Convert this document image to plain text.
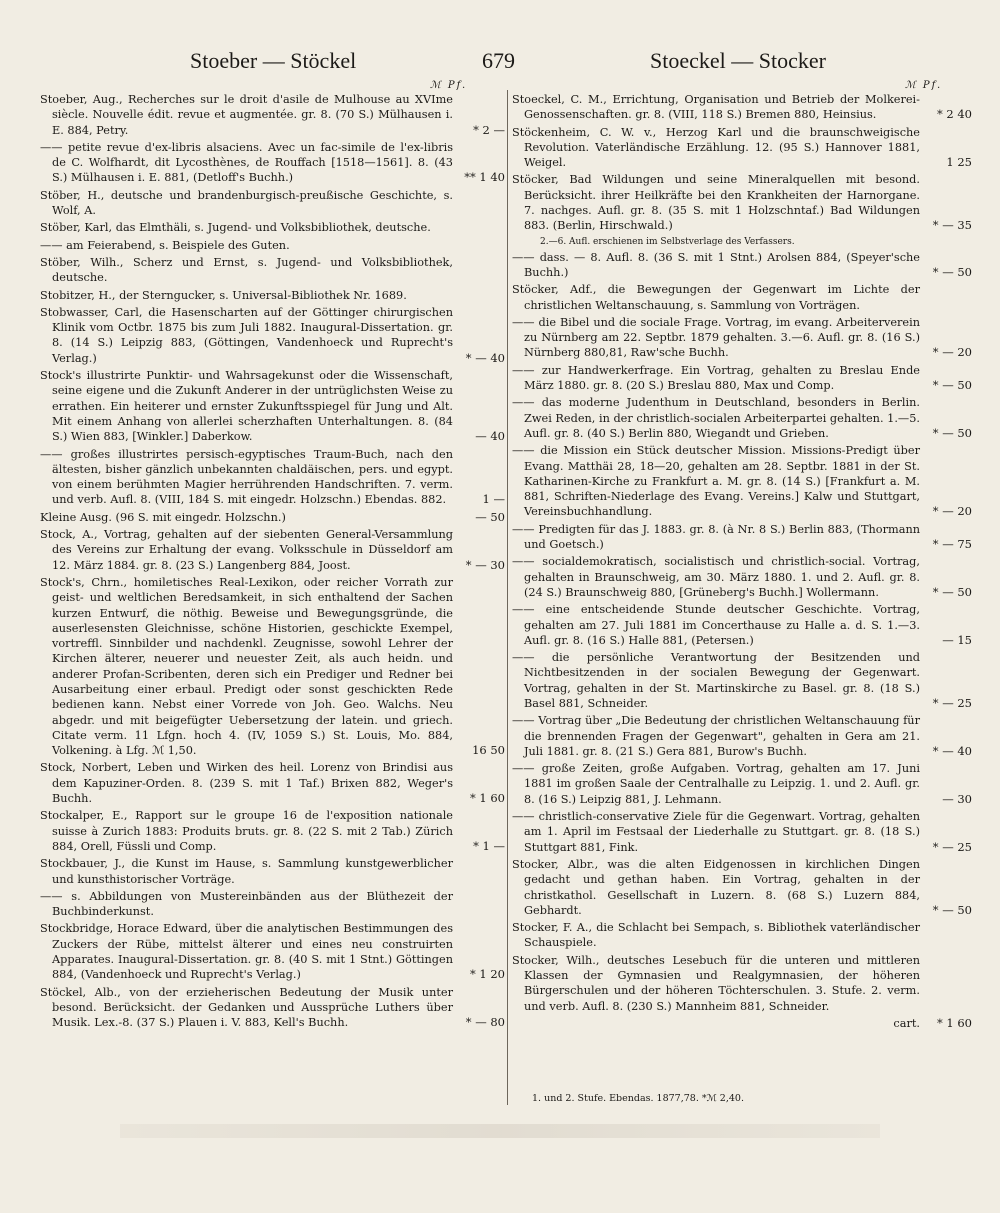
Stoeber — Stöckel	679	Stoeckel — Stocker
ℳ Pf.	ℳ Pf.
Stoeber, Aug., Recherches sur le droit d'asile de Mulhouse au XVIme siècle. Nouvelle édit. revue et augmentée. gr. 8. (70 S.) Mülhausen i. E. 884, Petry.	* 2 —
—— petite revue d'ex-libris alsaciens. Avec un fac-simile de l'ex-libris de C. Wolfhardt, dit Lycosthènes, de Rouffach [1518—1561]. 8. (43 S.) Mülhausen i. E. 881, (Detloff's Buchh.)	** 1 40
Stöber, H., deutsche und brandenburgisch-preußische Geschichte, s. Wolf, A.
Stöber, Karl, das Elmthäli, s. Jugend- und Volksbibliothek, deutsche.
—— am Feierabend, s. Beispiele des Guten.
Stöber, Wilh., Scherz und Ernst, s. Jugend- und Volksbibliothek, deutsche.
Stobitzer, H., der Sterngucker, s. Universal-Bibliothek Nr. 1689.
Stobwasser, Carl, die Hasenscharten auf der Göttinger chirurgischen Klinik vom Octbr. 1875 bis zum Juli 1882. Inaugural-Dissertation. gr. 8. (14 S.) Leipzig 883, (Göttingen, Vandenhoeck und Ruprecht's Verlag.)	* — 40
Stock's illustrirte Punktir- und Wahrsagekunst oder die Wissenschaft, seine eigene und die Zukunft Anderer in der untrüglichsten Weise zu errathen. Ein heiterer und ernster Zukunftsspiegel für Jung und Alt. Mit einem Anhang von allerlei scherzhaften Unterhaltungen. 8. (84 S.) Wien 883, [Winkler.] Daberkow.	— 40
—— großes illustrirtes persisch-egyptisches Traum-Buch, nach den ältesten, bisher gänzlich unbekannten chaldäischen, pers. und egypt. von einem berühmten Magier herrührenden Handschriften. 7. verm. und verb. Aufl. 8. (VIII, 184 S. mit eingedr. Holzschn.) Ebendas. 882.	1 —
Kleine Ausg. (96 S. mit eingedr. Holzschn.)	— 50
Stock, A., Vortrag, gehalten auf der siebenten General-Versammlung des Vereins zur Erhaltung der evang. Volksschule in Düsseldorf am 12. März 1884. gr. 8. (23 S.) Langenberg 884, Joost.	* — 30
Stock's, Chrn., homiletisches Real-Lexikon, oder reicher Vorrath zur geist- und weltlichen Beredsamkeit, in sich enthaltend der Sachen kurzen Entwurf, die nöthig. Beweise und Bewegungsgründe, die auserlesensten Gleichnisse, schöne Historien, geschickte Exempel, vortreffl. Sinnbilder und nachdenkl. Zeugnisse, sowohl Lehrer der Kirchen älterer, neuerer und neuester Zeit, als auch heidn. und anderer Profan-Scribenten, deren sich ein Prediger und Redner bei Ausarbeitung einer erbaul. Predigt oder sonst geschickten Rede bedienen kann. Nebst einer Vorrede von Joh. Geo. Walchs. Neu abgedr. und mit beigefügter Uebersetzung der latein. und griech. Citate verm. 11 Lfgn. hoch 4. (IV, 1059 S.) St. Louis, Mo. 884, Volkening. à Lfg. ℳ 1,50.	16 50
Stock, Norbert, Leben und Wirken des heil. Lorenz von Brindisi aus dem Kapuziner-Orden. 8. (239 S. mit 1 Taf.) Brixen 882, Weger's Buchh.	* 1 60
Stockalper, E., Rapport sur le groupe 16 de l'exposition nationale suisse à Zurich 1883: Produits bruts. gr. 8. (22 S. mit 2 Tab.) Zürich 884, Orell, Füssli und Comp.	* 1 —
Stockbauer, J., die Kunst im Hause, s. Sammlung kunstgewerblicher und kunsthistorischer Vorträge.
—— s. Abbildungen von Mustereinbänden aus der Blüthezeit der Buchbinderkunst.
Stockbridge, Horace Edward, über die analytischen Bestimmungen des Zuckers der Rübe, mittelst älterer und eines neu construirten Apparates. Inaugural-Dissertation. gr. 8. (40 S. mit 1 Stnt.) Göttingen 884, (Vandenhoeck und Ruprecht's Verlag.)	* 1 20
Stöckel, Alb., von der erzieherischen Bedeutung der Musik unter besond. Berücksicht. der Gedanken und Aussprüche Luthers über Musik. Lex.-8. (37 S.) Plauen i. V. 883, Kell's Buchh.	* — 80
Stoeckel, C. M., Errichtung, Organisation und Betrieb der Molkerei-Genossenschaften. gr. 8. (VIII, 118 S.) Bremen 880, Heinsius.	* 2 40
Stöckenheim, C. W. v., Herzog Karl und die braunschweigische Revolution. Vaterländische Erzählung. 12. (95 S.) Hannover 1881, Weigel.	1 25
Stöcker, Bad Wildungen und seine Mineralquellen mit besond. Berücksicht. ihrer Heilkräfte bei den Krankheiten der Harnorgane. 7. nachges. Aufl. gr. 8. (35 S. mit 1 Holzschntaf.) Bad Wildungen 883. (Berlin, Hirschwald.)	* — 35
2.—6. Aufl. erschienen im Selbstverlage des Verfassers.
—— dass. — 8. Aufl. 8. (36 S. mit 1 Stnt.) Arolsen 884, (Speyer'sche Buchh.)	* — 50
Stöcker, Adf., die Bewegungen der Gegenwart im Lichte der christlichen Weltanschauung, s. Sammlung von Vorträgen.
—— die Bibel und die sociale Frage. Vortrag, im evang. Arbeiterverein zu Nürnberg am 22. Septbr. 1879 gehalten. 3.—6. Aufl. gr. 8. (16 S.) Nürnberg 880,81, Raw'sche Buchh.	* — 20
—— zur Handwerkerfrage. Ein Vortrag, gehalten zu Breslau Ende März 1880. gr. 8. (20 S.) Breslau 880, Max und Comp.	* — 50
—— das moderne Judenthum in Deutschland, besonders in Berlin. Zwei Reden, in der christlich-socialen Arbeiterpartei gehalten. 1.—5. Aufl. gr. 8. (40 S.) Berlin 880, Wiegandt und Grieben.	* — 50
—— die Mission ein Stück deutscher Mission. Missions-Predigt über Evang. Matthäi 28, 18—20, gehalten am 28. Septbr. 1881 in der St. Katharinen-Kirche zu Frankfurt a. M. gr. 8. (14 S.) [Frankfurt a. M. 881, Schriften-Niederlage des Evang. Vereins.] Kalw und Stuttgart, Vereinsbuchhandlung.	* — 20
—— Predigten für das J. 1883. gr. 8. (à Nr. 8 S.) Berlin 883, (Thormann und Goetsch.)	* — 75
—— socialdemokratisch, socialistisch und christlich-social. Vortrag, gehalten in Braunschweig, am 30. März 1880. 1. und 2. Aufl. gr. 8. (24 S.) Braunschweig 880, [Grüneberg's Buchh.] Wollermann.	* — 50
—— eine entscheidende Stunde deutscher Geschichte. Vortrag, gehalten am 27. Juli 1881 im Concerthause zu Halle a. d. S. 1.—3. Aufl. gr. 8. (16 S.) Halle 881, (Petersen.)	— 15
—— die persönliche Verantwortung der Besitzenden und Nichtbesitzenden in der socialen Bewegung der Gegenwart. Vortrag, gehalten in der St. Martinskirche zu Basel. gr. 8. (18 S.) Basel 881, Schneider.	* — 25
—— Vortrag über „Die Bedeutung der christlichen Weltanschauung für die brennenden Fragen der Gegenwart", gehalten in Gera am 21. Juli 1881. gr. 8. (21 S.) Gera 881, Burow's Buchh.	* — 40
—— große Zeiten, große Aufgaben. Vortrag, gehalten am 17. Juni 1881 im großen Saale der Centralhalle zu Leipzig. 1. und 2. Aufl. gr. 8. (16 S.) Leipzig 881, J. Lehmann.	— 30
—— christlich-conservative Ziele für die Gegenwart. Vortrag, gehalten am 1. April im Festsaal der Liederhalle zu Stuttgart. gr. 8. (18 S.) Stuttgart 881, Fink.	* — 25
Stocker, Albr., was die alten Eidgenossen in kirchlichen Dingen gedacht und gethan haben. Ein Vortrag, gehalten in der christkathol. Gesellschaft in Luzern. 8. (68 S.) Luzern 884, Gebhardt.	* — 50
Stocker, F. A., die Schlacht bei Sempach, s. Bibliothek vaterländischer Schauspiele.
Stocker, Wilh., deutsches Lesebuch für die unteren und mittleren Klassen der Gymnasien und Realgymnasien, der höheren Bürgerschulen und der höheren Töchterschulen. 3. Stufe. 2. verm. und verb. Aufl. 8. (230 S.) Mannheim 881, Schneider.
cart.	* 1 60
1. und 2. Stufe. Ebendas. 1877,78. *ℳ 2,40.
